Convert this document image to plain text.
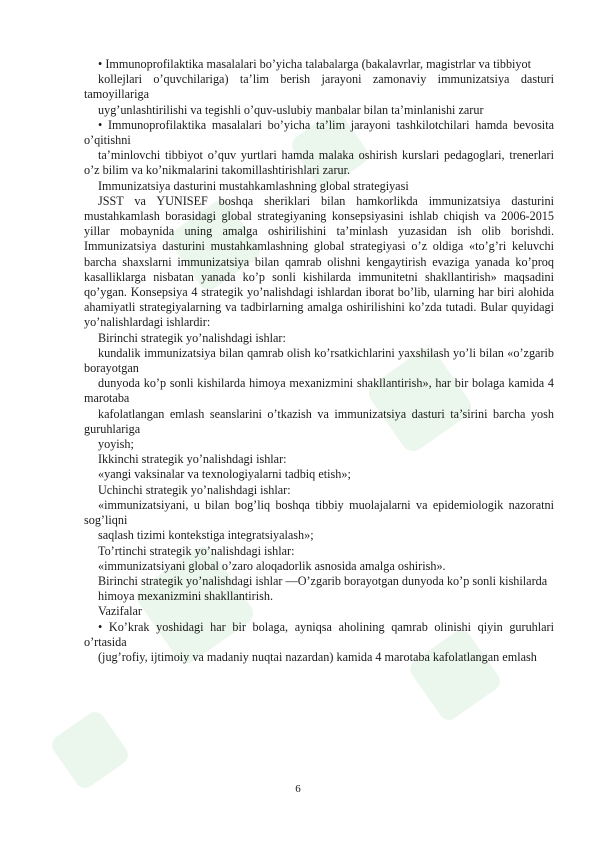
• Immunoprofilaktika masalalari bo’yicha talabalarga (bakalavrlar, magistrlar va tibbiyot

kollejlari o’quvchilariga) ta’lim berish jarayoni zamonaviy immunizatsiya dasturi tamoyillariga

uyg’unlashtirilishi va tegishli o’quv-uslubiy manbalar bilan ta’minlanishi zarur

• Immunoprofilaktika masalalari bo’yicha ta’lim jarayoni tashkilotchilari hamda bevosita o’qitishni

ta’minlovchi tibbiyot o’quv yurtlari hamda malaka oshirish kurslari pedagoglari, trenerlari o’z bilim va ko’nikmalarini takomillashtirishlari zarur.

Immunizatsiya dasturini mustahkamlashning global strategiyasi

JSST va YUNISEF boshqa sheriklari bilan hamkorlikda immunizatsiya dasturini mustahkamlash borasidagi global strategiyaning konsepsiyasini ishlab chiqish va 2006-2015 yillar mobaynida uning amalga oshirilishini ta’minlash yuzasidan ish olib borishdi. Immunizatsiya dasturini mustahkamlashning global strategiyasi o’z oldiga «to’g’ri keluvchi barcha shaxslarni immunizatsiya bilan qamrab olishni kengaytirish evaziga yanada ko’proq kasalliklarga nisbatan yanada ko’p sonli kishilarda immunitetni shakllantirish» maqsadini qo’ygan. Konsepsiya 4 strategik yo’nalishdagi ishlardan iborat bo’lib, ularning har biri alohida ahamiyatli strategiyalarning va tadbirlarning amalga oshirilishini ko’zda tutadi. Bular quyidagi yo’nalishlardagi ishlardir:

Birinchi strategik yo’nalishdagi ishlar:

kundalik immunizatsiya bilan qamrab olish ko’rsatkichlarini yaxshilash yo’li bilan «o’zgarib borayotgan

dunyoda ko’p sonli kishilarda himoya mexanizmini shakllantirish», har bir bolaga kamida 4 marotaba

kafolatlangan emlash seanslarini o’tkazish va immunizatsiya dasturi ta’sirini barcha yosh guruhlariga

yoyish;

Ikkinchi strategik yo’nalishdagi ishlar:

«yangi vaksinalar va texnologiyalarni tadbiq etish»;

Uchinchi strategik yo’nalishdagi ishlar:

«immunizatsiyani, u bilan bog’liq boshqa tibbiy muolajalarni va epidemiologik nazoratni sog’liqni

saqlash tizimi kontekstiga integratsiyalash»;

To’rtinchi strategik yo’nalishdagi ishlar:

«immunizatsiyani global o’zaro aloqadorlik asnosida amalga oshirish».

Birinchi strategik yo’nalishdagi ishlar —O’zgarib borayotgan dunyoda ko’p sonli kishilarda

himoya mexanizmini shakllantirish.

Vazifalar

• Ko’krak yoshidagi har bir bolaga, ayniqsa aholining qamrab olinishi qiyin guruhlari o’rtasida

(jug’rofiy, ijtimoiy va madaniy nuqtai nazardan) kamida 4 marotaba kafolatlangan emlash

6
